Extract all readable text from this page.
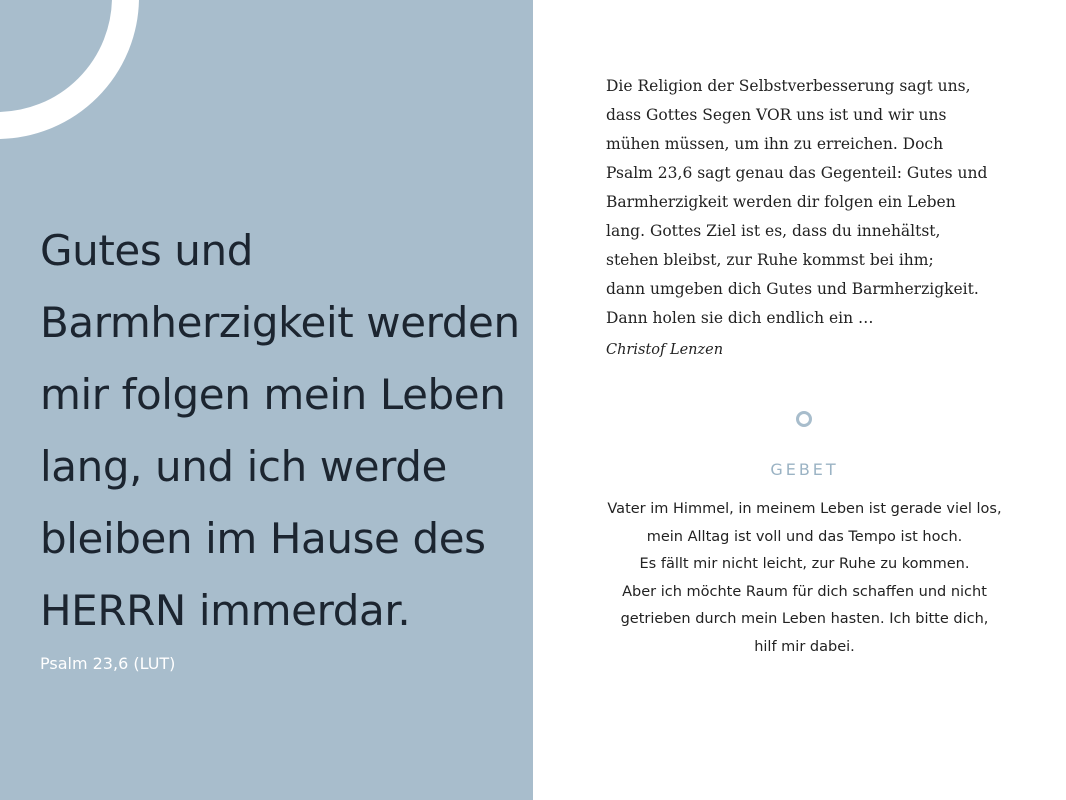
Gutes und
Barmherzigkeit werden
mir folgen mein Leben
lang, und ich werde
bleiben im Hause des
HERRN immerdar.

Psalm 23,6 (LUT)

Die Religion der Selbstverbesserung sagt uns,
dass Gottes Segen VOR uns ist und wir uns
mühen müssen, um ihn zu erreichen. Doch
Psalm 23,6 sagt genau das Gegenteil: Gutes und
Barmherzigkeit werden dir folgen ein Leben
lang. Gottes Ziel ist es, dass du innehältst,
stehen bleibst, zur Ruhe kommst bei ihm;
dann umgeben dich Gutes und Barmherzigkeit.
Dann holen sie dich endlich ein …

Christof Lenzen

GEBET

Vater im Himmel, in meinem Leben ist gerade viel los,
mein Alltag ist voll und das Tempo ist hoch.
Es fällt mir nicht leicht, zur Ruhe zu kommen.
Aber ich möchte Raum für dich schaffen und nicht
getrieben durch mein Leben hasten. Ich bitte dich,
hilf mir dabei.
